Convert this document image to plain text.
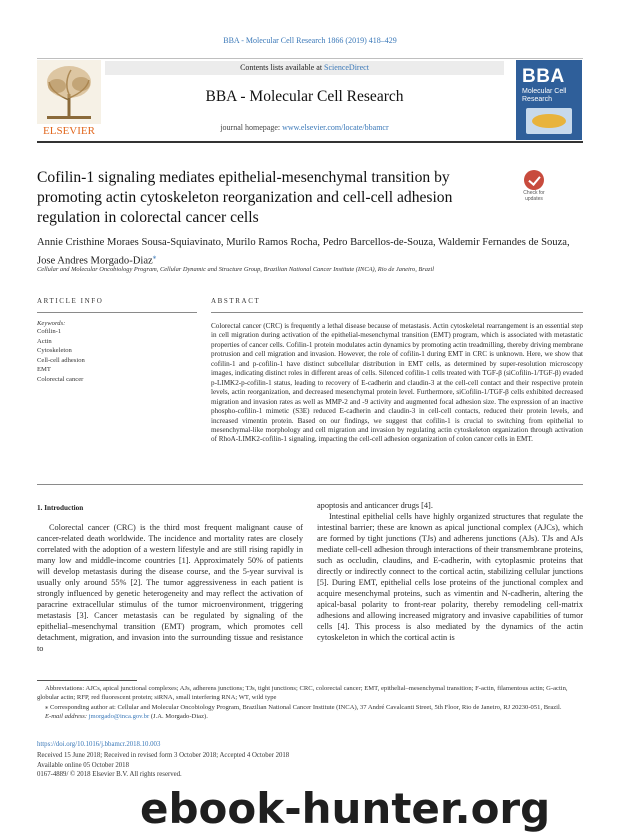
BBA - Molecular Cell Research 1866 (2019) 418–429
ELSEVIER
Contents lists available at ScienceDirect
BBA - Molecular Cell Research
journal homepage: www.elsevier.com/locate/bbamcr
BBA
Molecular Cell Research
Cofilin-1 signaling mediates epithelial-mesenchymal transition by promoting actin cytoskeleton reorganization and cell-cell adhesion regulation in colorectal cancer cells
Check for updates
Annie Cristhine Moraes Sousa-Squiavinato, Murilo Ramos Rocha, Pedro Barcellos-de-Souza, Waldemir Fernandes de Souza, Jose Andres Morgado-Diaz⁎
Cellular and Molecular Oncobiology Program, Cellular Dynamic and Structure Group, Brazilian National Cancer Institute (INCA), Rio de Janeiro, Brazil
ARTICLE INFO	ABSTRACT
Keywords:
Cofilin-1
Actin
Cytoskeleton
Cell-cell adhesion
EMT
Colorectal cancer
Colorectal cancer (CRC) is frequently a lethal disease because of metastasis. Actin cytoskeletal rearrangement is an essential step in cell migration during activation of the epithelial-mesenchymal transition (EMT) program, which is associated with metastatic properties of cancer cells. Cofilin-1 protein modulates actin dynamics by promoting actin treadmilling, thereby driving membrane protrusion and cell migration and invasion. However, the role of cofilin-1 during EMT in CRC is unknown. Here, we show that cofilin-1 and p-cofilin-1 have distinct subcellular distribution in EMT cells, as determined by super-resolution microscopy images, indicating distinct roles in different areas of cells. Silenced cofilin-1 cells treated with TGF-β (siCofilin-1/TGF-β) evaded p-LIMK2-p-cofilin-1 status, leading to recovery of E-cadherin and claudin-3 at the cell-cell contact and their respective protein levels, actin reorganization, and decreased mesenchymal protein level. Furthermore, siCofilin-1/TGF-β cells exhibited decreased migration and invasion rates as well as MMP-2 and -9 activity and augmented focal adhesion size. The expression of an inactive phospho-cofilin-1 mimetic (S3E) reduced E-cadherin and claudin-3 in cell-cell contacts, reduced their protein levels, and increased vimentin protein. Based on our findings, we suggest that cofilin-1 is crucial to switching from epithelial to mesenchymal-like morphology and cell migration and invasion by regulating actin cytoskeleton organization through activation of RhoA-LIMK2-cofilin-1 signaling, impacting the cell-cell adhesion organization of colon cancer cells in EMT.
1. Introduction

Colorectal cancer (CRC) is the third most frequent malignant cause of cancer-related death worldwide. The incidence and mortality rates are closely correlated with the adoption of a western lifestyle and are still rising rapidly in many low and middle-income countries [1]. Approximately 50% of patients will develop metastasis during the disease course, and the 5-year survival is usually only around 55% [2]. The tumor aggressiveness in each patient is strongly influenced by genetic heterogeneity and may reflect the activation of paracrine extracellular stimulus of the tumor microenvironment, triggering metastasis [3]. Cancer metastasis can be regulated by signaling of the epithelial–mesenchymal transition (EMT) program, which promotes cell detachment, migration, and invasion into the surrounding tissue and resistance to

apoptosis and anticancer drugs [4].

Intestinal epithelial cells have highly organized structures that regulate the intestinal barrier; these are known as apical junctional complex (AJCs), which are formed by tight junctions (TJs) and adherens junctions (AJs). TJs and AJs mediate cell-cell adhesion through interactions of their transmembrane proteins, such as occludin, claudins, and E-cadherin, with cytoplasmic proteins that directly or indirectly connect to the cortical actin, stabilizing cellular junctions [5]. During EMT, epithelial cells lose proteins of the junctional complex and acquire mesenchymal proteins, such as vimentin and N-cadherin, altering the apical-basal polarity to front-rear polarity, thereby remodeling cell-matrix adhesions and allowing increased migratory and invasive capabilities of tumor cells [4]. This process is also mediated by the dynamics of the actin cytoskeleton in which the cortical actin is

Abbreviations: AJCs, apical junctional complexes; AJs, adherens junctions; TJs, tight junctions; CRC, colorectal cancer; EMT, epithelial–mesenchymal transition; F-actin, filamentous actin; G-actin, globular actin; RFP, red fluorescent protein; siRNA, small interfering RNA; WT, wild type

⁎ Corresponding author at: Cellular and Molecular Oncobiology Program, Brazilian National Cancer Institute (INCA), 37 André Cavalcanti Street, 5th Floor, Rio de Janeiro, RJ 20230-051, Brazil.

E-mail address: jmorgado@inca.gov.br (J.A. Morgado-Diaz).

https://doi.org/10.1016/j.bbamcr.2018.10.003
Received 15 June 2018; Received in revised form 3 October 2018; Accepted 4 October 2018
Available online 05 October 2018
0167-4889/ © 2018 Elsevier B.V. All rights reserved.
ebook-hunter.org
